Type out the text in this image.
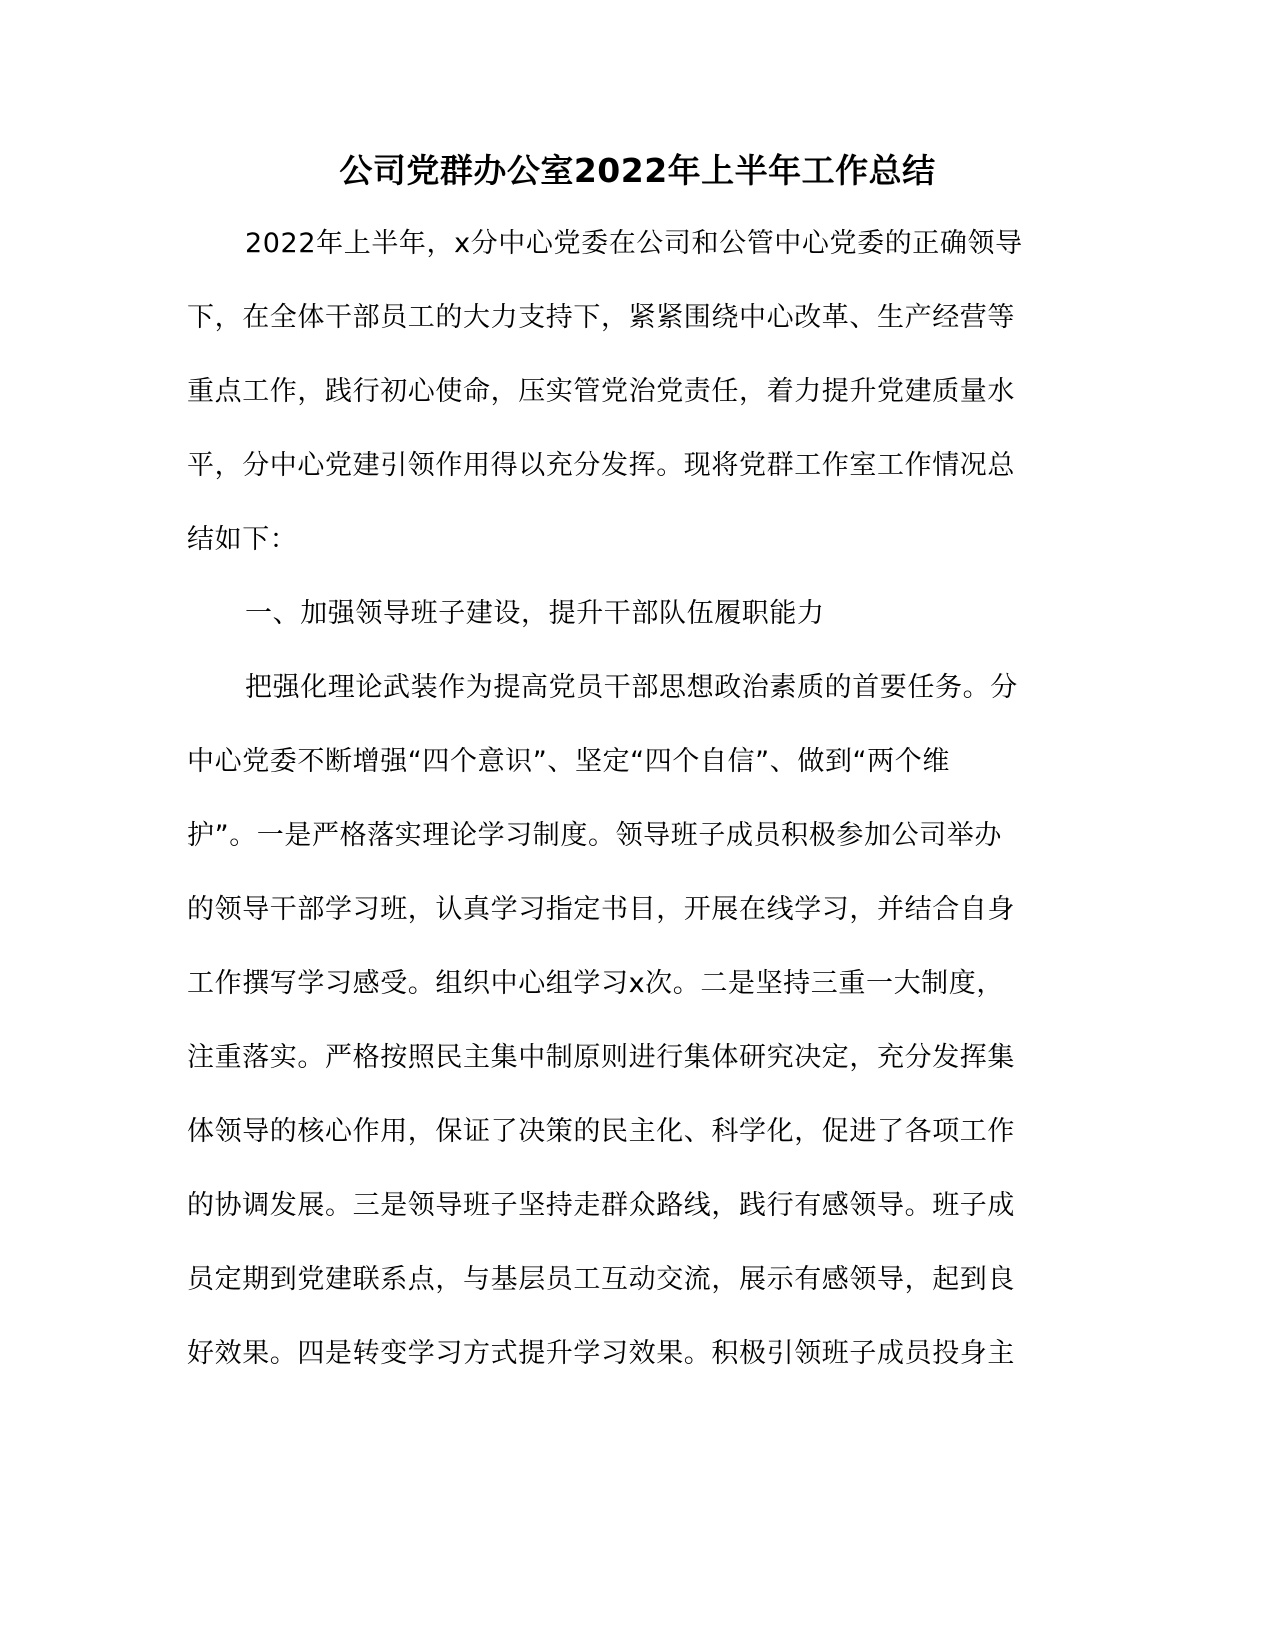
公司党群办公室2022年上半年工作总结
2022年上半年，x分中心党委在公司和公管中心党委的正确领导
下，在全体干部员工的大力支持下，紧紧围绕中心改革、生产经营等
重点工作，践行初心使命，压实管党治党责任，着力提升党建质量水
平，分中心党建引领作用得以充分发挥。现将党群工作室工作情况总
结如下：
一、加强领导班子建设，提升干部队伍履职能力
把强化理论武装作为提高党员干部思想政治素质的首要任务。分
中心党委不断增强“四个意识”、坚定“四个自信”、做到“两个维
护”。一是严格落实理论学习制度。领导班子成员积极参加公司举办
的领导干部学习班，认真学习指定书目，开展在线学习，并结合自身
工作撰写学习感受。组织中心组学习x次。二是坚持三重一大制度，
注重落实。严格按照民主集中制原则进行集体研究决定，充分发挥集
体领导的核心作用，保证了决策的民主化、科学化，促进了各项工作
的协调发展。三是领导班子坚持走群众路线，践行有感领导。班子成
员定期到党建联系点，与基层员工互动交流，展示有感领导，起到良
好效果。四是转变学习方式提升学习效果。积极引领班子成员投身主
